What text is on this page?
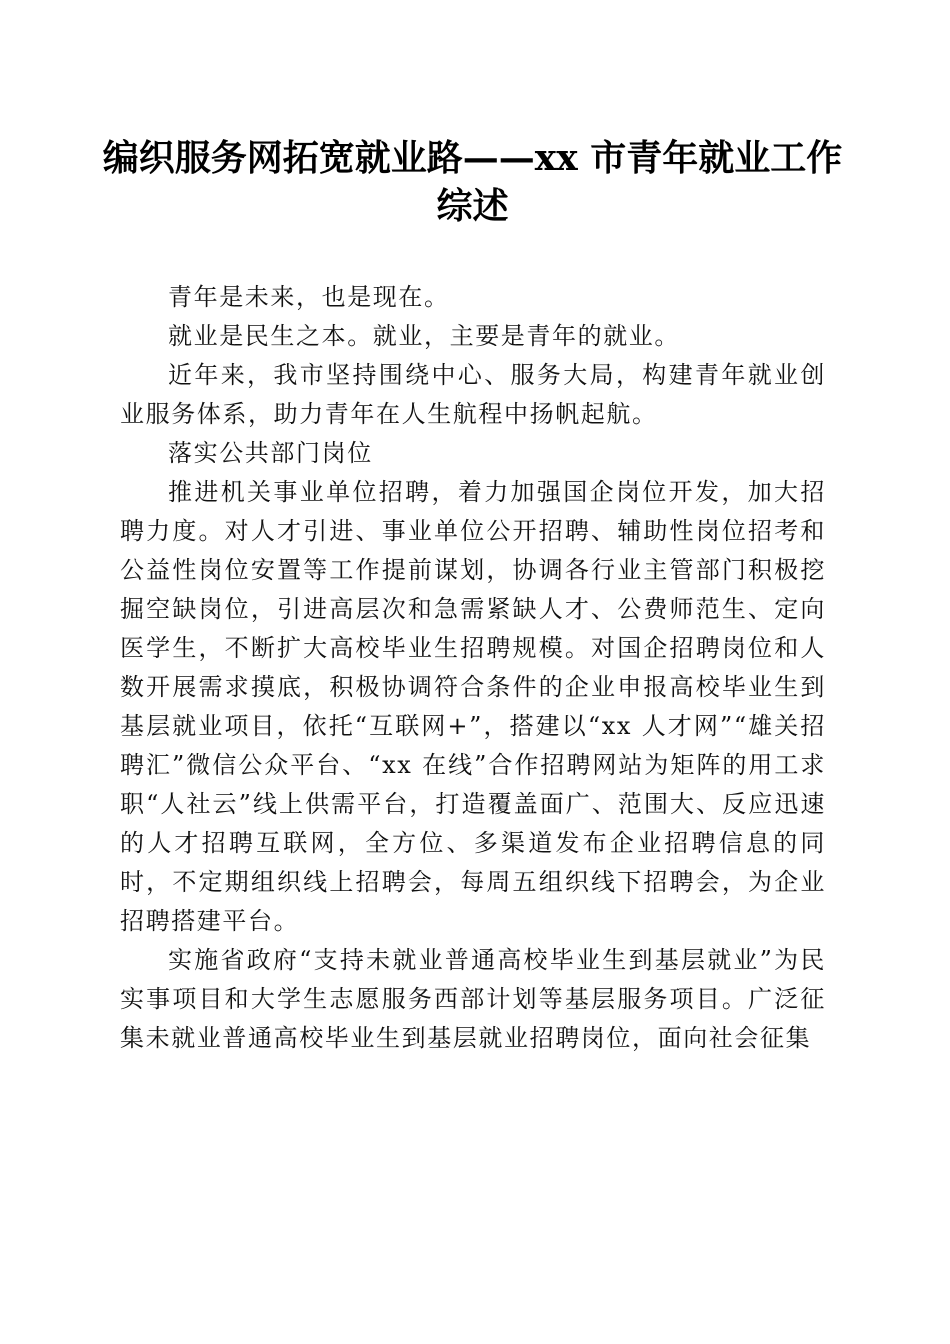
编织服务网拓宽就业路——xx 市青年就业工作综述

青年是未来，也是现在。

就业是民生之本。就业，主要是青年的就业。

近年来，我市坚持围绕中心、服务大局，构建青年就业创业服务体系，助力青年在人生航程中扬帆起航。

落实公共部门岗位

推进机关事业单位招聘，着力加强国企岗位开发，加大招聘力度。对人才引进、事业单位公开招聘、辅助性岗位招考和公益性岗位安置等工作提前谋划，协调各行业主管部门积极挖掘空缺岗位，引进高层次和急需紧缺人才、公费师范生、定向医学生，不断扩大高校毕业生招聘规模。对国企招聘岗位和人数开展需求摸底，积极协调符合条件的企业申报高校毕业生到基层就业项目，依托“互联网+”，搭建以“xx 人才网”“雄关招聘汇”微信公众平台、“xx 在线”合作招聘网站为矩阵的用工求职“人社云”线上供需平台，打造覆盖面广、范围大、反应迅速的人才招聘互联网，全方位、多渠道发布企业招聘信息的同时，不定期组织线上招聘会，每周五组织线下招聘会，为企业招聘搭建平台。

实施省政府“支持未就业普通高校毕业生到基层就业”为民实事项目和大学生志愿服务西部计划等基层服务项目。广泛征集未就业普通高校毕业生到基层就业招聘岗位，面向社会征集
